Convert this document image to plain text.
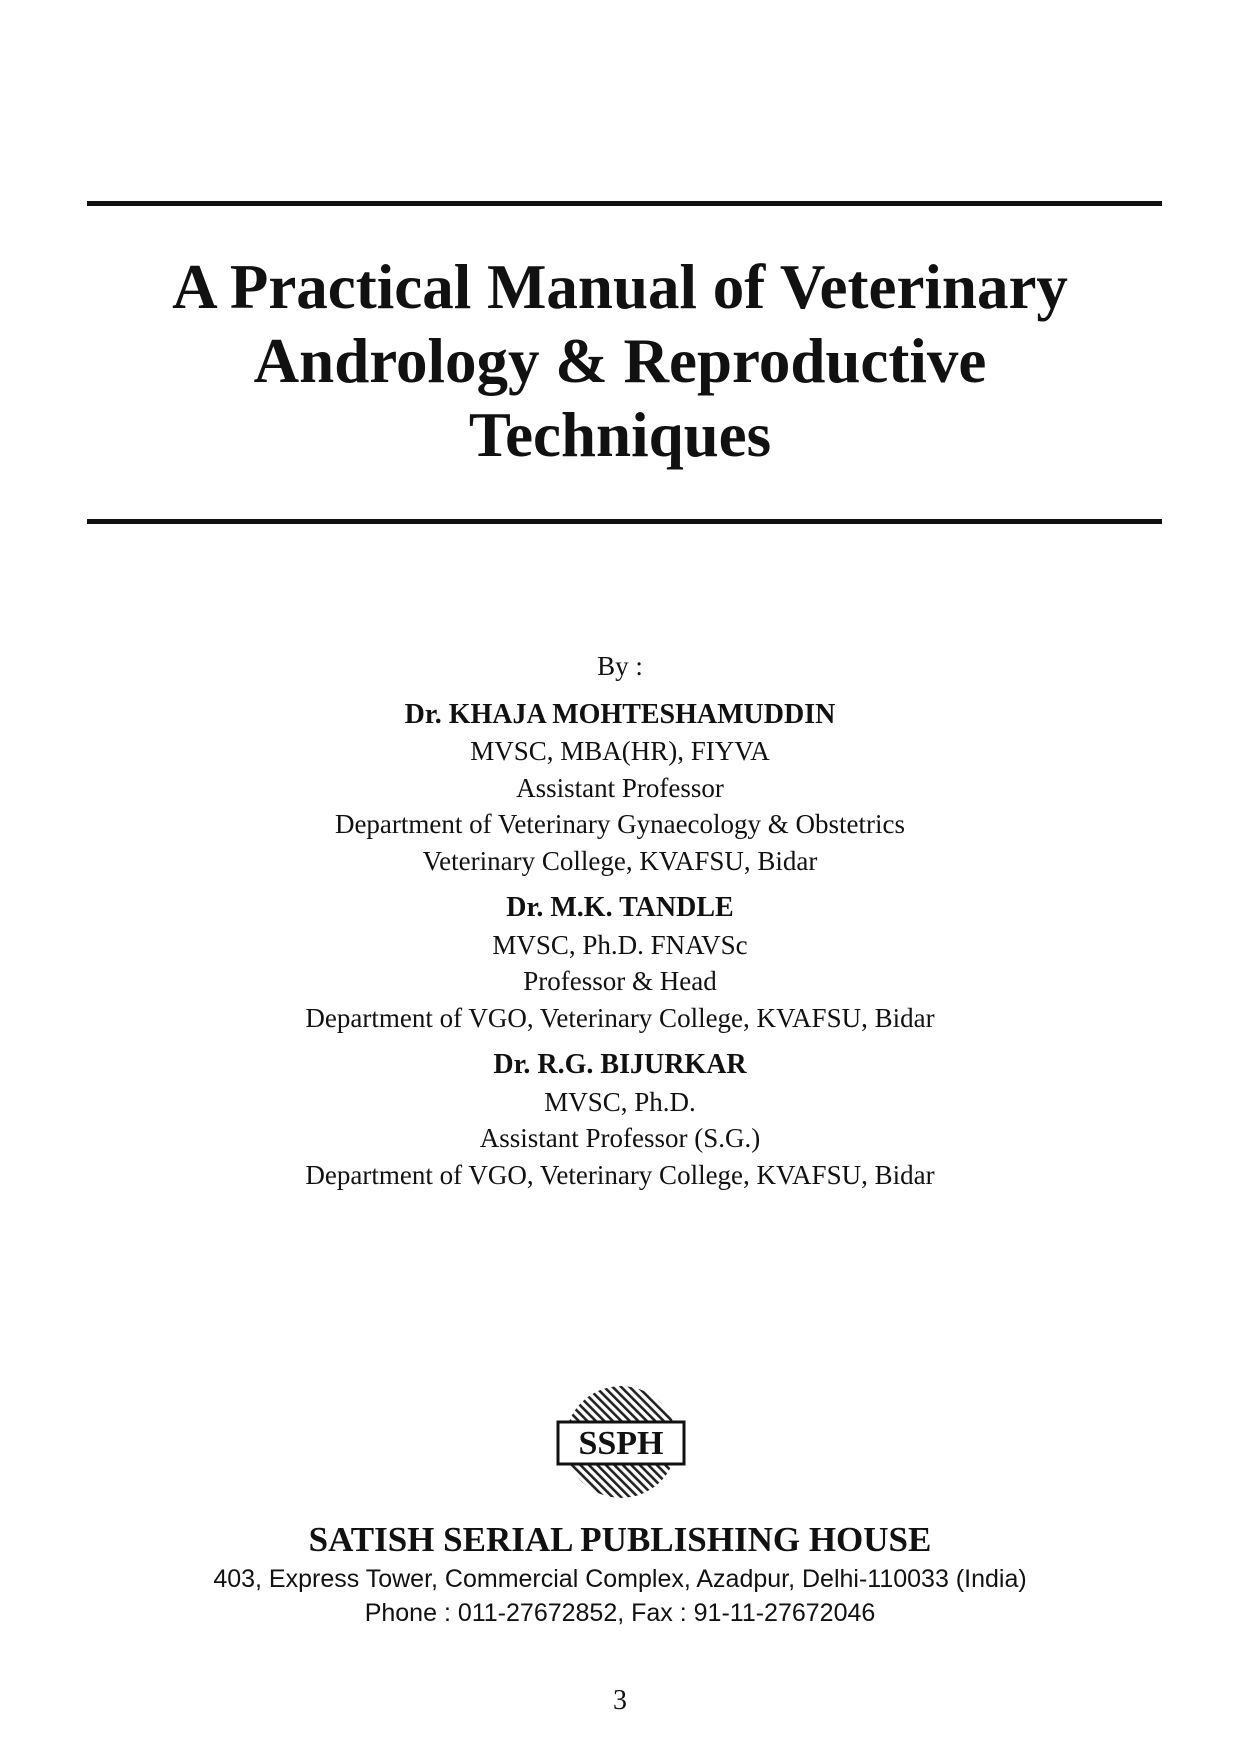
A Practical Manual of Veterinary
Andrology & Reproductive
Techniques
By :
Dr. KHAJA MOHTESHAMUDDIN
MVSC, MBA(HR), FIYVA
Assistant Professor
Department of Veterinary Gynaecology & Obstetrics
Veterinary College, KVAFSU, Bidar
Dr. M.K. TANDLE
MVSC, Ph.D. FNAVSc
Professor & Head
Department of VGO, Veterinary College, KVAFSU, Bidar
Dr. R.G. BIJURKAR
MVSC, Ph.D.
Assistant Professor (S.G.)
Department of VGO, Veterinary College, KVAFSU, Bidar
SSPH
SATISH SERIAL PUBLISHING HOUSE
403, Express Tower, Commercial Complex, Azadpur, Delhi-110033 (India)
Phone : 011-27672852, Fax : 91-11-27672046
3
